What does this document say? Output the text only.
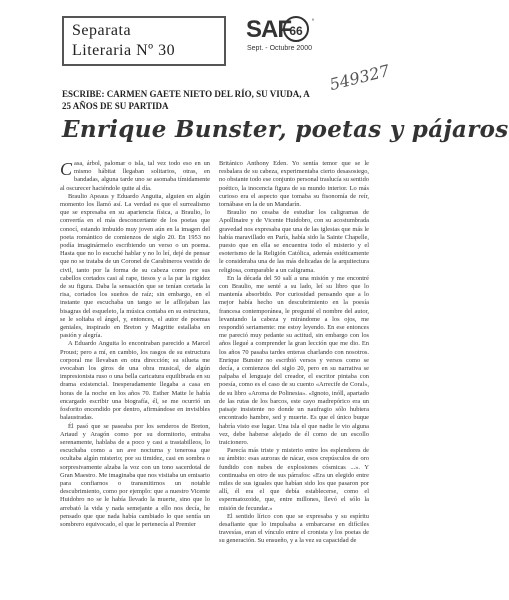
Separata
Literaria Nº 30
SAF
66
ª
Sept. - Octubre 2000
549327
ESCRIBE: CARMEN GAETE NIETO DEL RÍO, SU VIUDA, A 25 AÑOS DE SU PARTIDA
Enrique Bunster, poetas y pájaros

Casa, árbol, palomar o isla, tal vez todo eso en un mismo hábitat llegaban solitarios, otras, en bandadas, alguna tarde uno se asomaba tímidamente al oscurecer haciéndole quite al día.

Braulio Apeaus y Eduardo Anguita, alguien en algún momento los llamó así. La verdad es que el surrealismo que se expresaba en su apariencia física, a Braulio, lo convertía en el más desconcertante de los poetas que conocí, estando imbuido muy joven aún en la imagen del poeta romántico de comienzos de siglo 20. En 1953 no podía imaginármelo escribiendo un verso o un poema. Hasta que no lo escuché hablar y no lo leí, dejé de pensar que no se trataba de un Coronel de Carabineros vestido de civil, tanto por la forma de su cabeza como por sus cabellos cortados casi al rape, tiesos y a la par la rigidez de su figura. Daba la sensación que se tenían cortada la risa, cortados los sueños de raíz; sin embargo, en el instante que escuchaba un tango se le afllojaban las bisagras del esqueleto, la música contaba en su estructura, se le soltaba el ángel, y, entonces, el autor de poemas geniales, inspirado en Breton y Magritte estallaba en pasión y alegría.

A Eduardo Anguita lo encontraban parecido a Marcel Proust; pero a mí, en cambio, los rasgos de su estructura corporal me llevaban en otra dirección; su silueta me evocaban los giros de una obra musical, de algún impresionista ruso o una bella caricatura equilibrada en su drama existencial. Inesperadamente llegaba a casa en horas de la noche en los años 70. Esther Matte le había encargado escribir una biografía, él, se me ocurrió un fosforito encendido por dentro, afirmándose en invisibles balaustradas.

Él pasó que se paseaba por los senderos de Breton, Artaud y Aragón como por su dormitorio, entraba serenamente, hablaba de a poco y casi a trastabilleos, lo escuchaba como a un ave nocturna y tenerosa que ocultaba algún misterio; por su timidez, casi en sombra o sorpresivamente alzaba la voz con un tono sacerdotal de Gran Maestro. Me imaginaba que nos visitaba un emisario para confiarnos o transmitirnos un notable descubrimiento, como por ejemplo: que a nuestro Vicente Huidobro no se le había llevado la muerte, sino que lo arrebató la vida y nada semejante a ello nos decía, he pensado que que nada había cambiado lo que sentía un sombrero equivocado, el que le pertenecía al Premier

Británico Anthony Eden. Yo sentía temor que se le resbalara de su cabeza, experimentaba cierto desasosiego, no obstante todo ese conjunto personal traslucía su sentido poético, la inocencia figura de su mundo interior. Lo más curioso era el aspecto que tomaba su fisonomía de reír, tornábase en la de un Mandarín.

Braulio no cesaba de estudiar los caligramas de Apollinaire y de Vicente Huidobro, con su acostumbrada gravedad nos expresaba que una de las iglesias que más le había maravillado en París, había sido la Sainte Chapelle, puesto que en ella se encuentra todo el misterio y el esoterismo de la Religión Católica, además estéticamente le consideraba una de las más delicadas de la arquitectura religiosa, comparable a un caligrama.

En la década del 50 salí a una misión y me encontré con Braulio, me senté a su lado, leí su libro que lo mantenía absorbido. Por curiosidad pensando que a lo mejor había hecho un descubrimiento en la poesía francesa contemporánea, le pregunté el nombre del autor, levantando la cabeza y mirándome a los ojos, me respondió seriamente: me estoy leyendo. En ese entonces me pareció muy pedante su actitud, sin embargo con los años llegué a comprender la gran lección que me dio. En los años 70 pasaba tardes enteras charlando con nosotros. Enrique Bunster no escribió versos y versos como se decía, a comienzos del siglo 20, pero en su narrativa se palpaba el lenguaje del creador, el escritor pintaba con poesía, como es el caso de su cuento «Arrecife de Coral», de su libro «Aroma de Polinesia». «Ignoto, inóll, apartado de las rutas de los barcos, este cayo madrepórico era un paisaje insistente no donde un naufragio sólo hubiera encontrado hambre, sed y muerte. Es que el único buque habría visto ese lugar. Una isla el que nadie le vio alguna vez, debe haberse alejado de él como de un escollo traicionero.

Parecía más triste y misterio entre los esplendores de su ámbito: esas auroras de nácar, esos crepúsculos de oro fundido con nubes de explosiones cósmicas ...». Y continuaba en otro de sus párrafos: «Era un elegido entre miles de sus iguales que habían sido los que pasaron por allí, él era el que debía establecerse, como el espermatozoide, que, entre millones, llevó el sólo la misión de fecundar.»

El sentido lírico con que se expresaba y su espíritu desafiante que lo impulsaba a embarcarse en difíciles travesías, eran el vínculo entre el cronista y los poetas de su generación. Su ensueño, y a la vez su capacidad de
